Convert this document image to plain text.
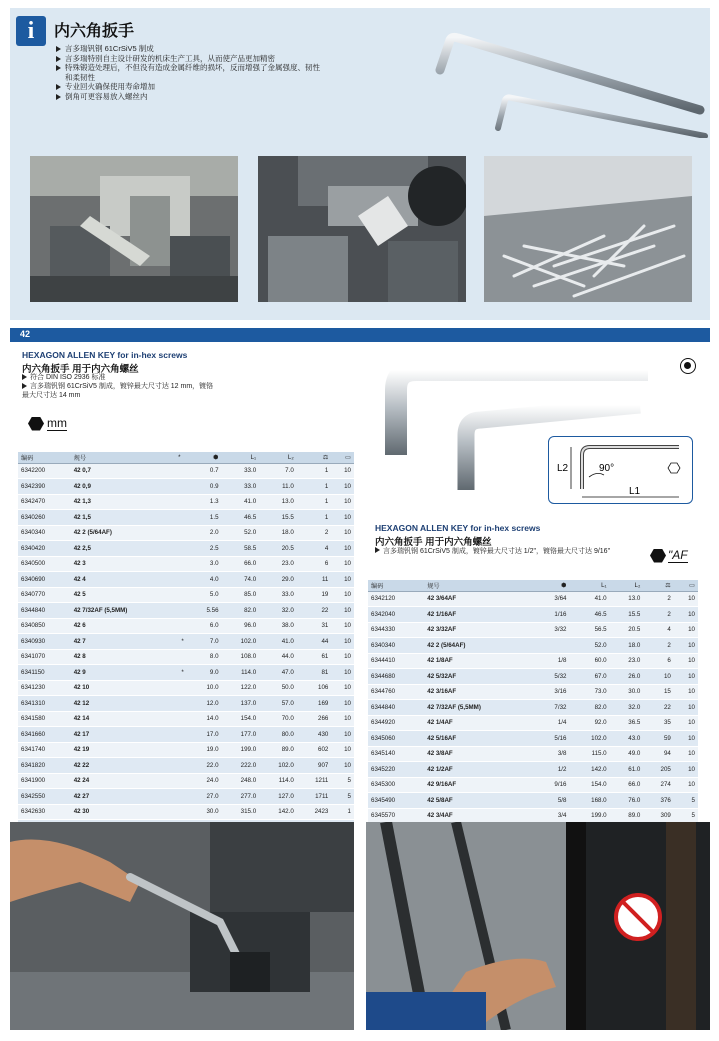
i	内六角扳手
言多瑞钒钢 61CrSiV5 制成
言多瑞特别自主设计研发的机床生产工具，从而使产品更加精密
特殊锻造处理后，不但没有造成金属纤维的损坏，反而增强了金属强度、韧性和柔韧性
专业回火确保使用寿命增加
倒角可更容易放入螺丝内
42
HEXAGON ALLEN KEY for in-hex screws
内六角扳手 用于内六角螺丝
符合 DIN ISO 2936 标准
言多瑞钒钢 61CrSiV5 制成，镀锌最大尺寸达 12 mm，镀铬
最大尺寸达 14 mm
mm
编码	规号	*	⬢	L₁	L₂	⚖	▭
6342200	42 0,7		0.7	33.0	7.0	1	10
6342390	42 0,9		0.9	33.0	11.0	1	10
6342470	42 1,3		1.3	41.0	13.0	1	10
6340260	42 1,5		1.5	46.5	15.5	1	10
6340340	42 2 (5/64AF)		2.0	52.0	18.0	2	10
6340420	42 2,5		2.5	58.5	20.5	4	10
6340500	42 3		3.0	66.0	23.0	6	10
6340690	42 4		4.0	74.0	29.0	11	10
6340770	42 5		5.0	85.0	33.0	19	10
6344840	42 7/32AF (5,5MM)		5.56	82.0	32.0	22	10
6340850	42 6		6.0	96.0	38.0	31	10
6340930	42 7	*	7.0	102.0	41.0	44	10
6341070	42 8		8.0	108.0	44.0	61	10
6341150	42 9	*	9.0	114.0	47.0	81	10
6341230	42 10		10.0	122.0	50.0	106	10
6341310	42 12		12.0	137.0	57.0	169	10
6341580	42 14		14.0	154.0	70.0	266	10
6341660	42 17		17.0	177.0	80.0	430	10
6341740	42 19		19.0	199.0	89.0	602	10
6341820	42 22		22.0	222.0	102.0	907	10
6341900	42 24		24.0	248.0	114.0	1211	5
6342550	42 27		27.0	277.0	127.0	1711	5
6342630	42 30		30.0	315.0	142.0	2423	1

L2	90°
L1
HEXAGON ALLEN KEY for in-hex screws
内六角扳手 用于内六角螺丝
言多瑞钒钢 61CrSiV5 制成，镀锌最大尺寸达 1/2"，镀铬最大尺寸达 9/16"	"AF
编码	规号	⬢	L₁	L₂	⚖	▭
6342120	42 3/64AF	3/64	41.0	13.0	2	10
6342040	42 1/16AF	1/16	46.5	15.5	2	10
6344330	42 3/32AF	3/32	56.5	20.5	4	10
6340340	42 2 (5/64AF)		52.0	18.0	2	10
6344410	42 1/8AF	1/8	60.0	23.0	6	10
6344680	42 5/32AF	5/32	67.0	26.0	10	10
6344760	42 3/16AF	3/16	73.0	30.0	15	10
6344840	42 7/32AF (5,5MM)	7/32	82.0	32.0	22	10
6344920	42 1/4AF	1/4	92.0	36.5	35	10
6345060	42 5/16AF	5/16	102.0	43.0	59	10
6345140	42 3/8AF	3/8	115.0	49.0	94	10
6345220	42 1/2AF	1/2	142.0	61.0	205	10
6345300	42 9/16AF	9/16	154.0	66.0	274	10
6345490	42 5/8AF	5/8	168.0	76.0	376	5
6345570	42 3/4AF	3/4	199.0	89.0	309	5
